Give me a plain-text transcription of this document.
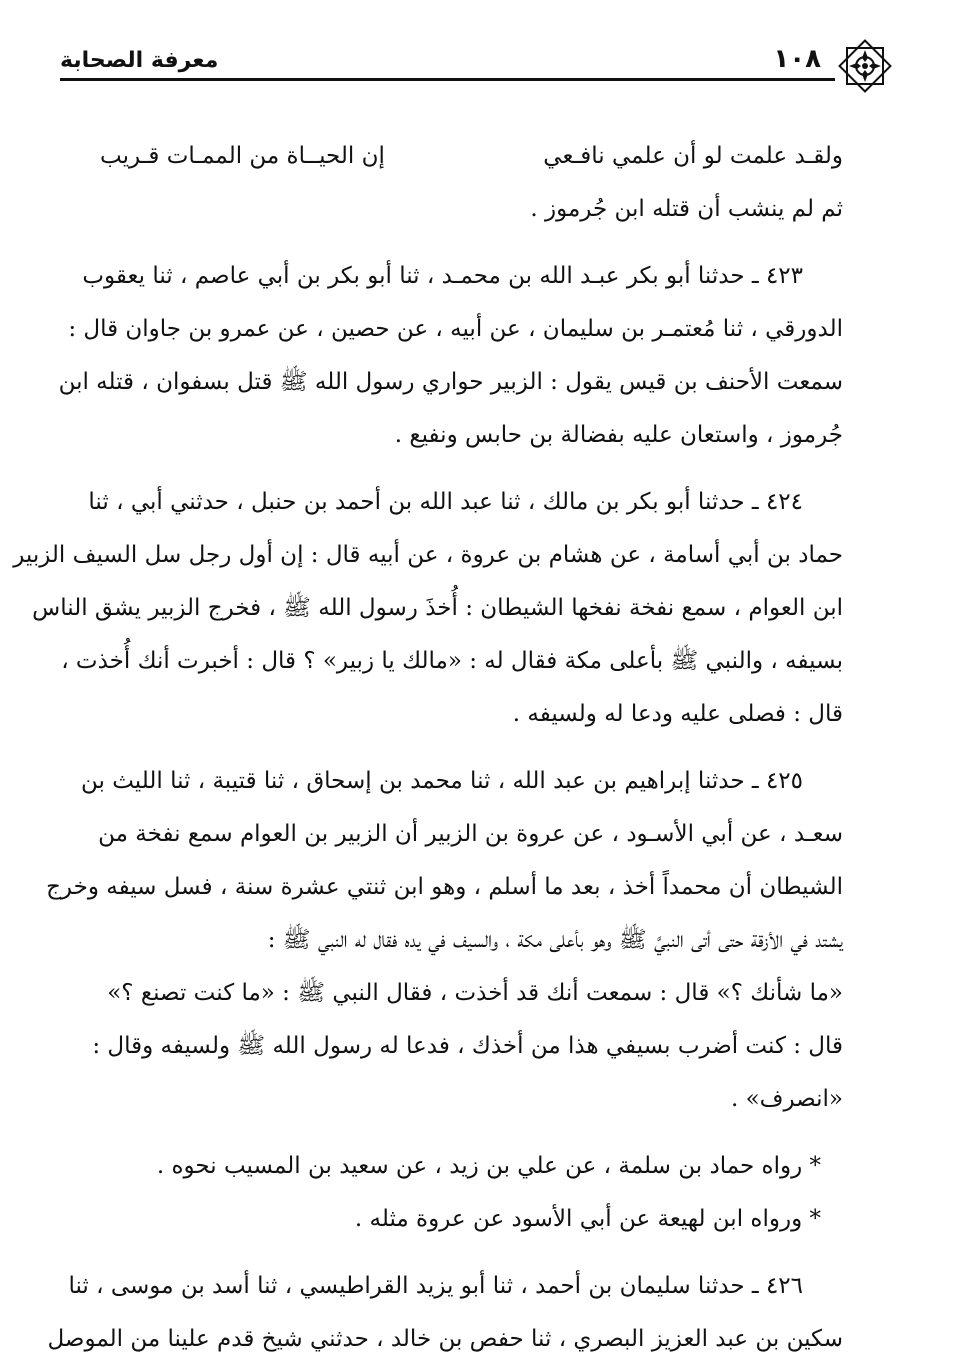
معرفة الصحابة	١٠٨
ولقـد علمت لو أن علمي نافـعي
إن الحيــاة من الممـات قـريب
ثم لم ينشب أن قتله ابن جُرموز .
٤٢٣ ـ حدثنا أبو بكر عبـد الله بن محمـد ، ثنا أبو بكر بن أبي عاصم ، ثنا يعقوب
الدورقي ، ثنا مُعتمـر بن سليمان ، عن أبيه ، عن حصين ، عن عمرو بن جاوان قال :
سمعت الأحنف بن قيس يقول : الزبير حواري رسول الله ﷺ قتل بسفوان ، قتله ابن
جُرموز ، واستعان عليه بفضالة بن حابس ونفيع .
٤٢٤ ـ حدثنا أبو بكر بن مالك ، ثنا عبد الله بن أحمد بن حنبل ، حدثني أبي ، ثنا
حماد بن أبي أسامة ، عن هشام بن عروة ، عن أبيه قال : إن أول رجل سل السيف الزبير
ابن العوام ، سمع نفخة نفخها الشيطان : أُخذَ رسول الله ﷺ ، فخرج الزبير يشق الناس
بسيفه ، والنبي ﷺ بأعلى مكة فقال له : «مالك يا زبير» ؟ قال : أخبرت أنك أُخذت ،
قال : فصلى عليه ودعا له ولسيفه .
٤٢٥ ـ حدثنا إبراهيم بن عبد الله ، ثنا محمد بن إسحاق ، ثنا قتيبة ، ثنا الليث بن
سعـد ، عن أبي الأسـود ، عن عروة بن الزبير أن الزبير بن العوام سمع نفخة من
الشيطان أن محمداً أخذ ، بعد ما أسلم ، وهو ابن ثنتي عشرة سنة ، فسل سيفه وخرج
يشتد في الأزقة حتى أتى النبيَّ ﷺ وهو بأعلى مكة ، والسيف في يده فقال له النبي ﷺ :
«ما شأنك ؟» قال : سمعت أنك قد أخذت ، فقال النبي ﷺ : «ما كنت تصنع ؟»
قال : كنت أضرب بسيفي هذا من أخذك ، فدعا له رسول الله ﷺ ولسيفه وقال :
«انصرف» .
* رواه حماد بن سلمة ، عن علي بن زيد ، عن سعيد بن المسيب نحوه .
* ورواه ابن لهيعة عن أبي الأسود عن عروة مثله .
٤٢٦ ـ حدثنا سليمان بن أحمد ، ثنا أبو يزيد القراطيسي ، ثنا أسد بن موسى ، ثنا
سكين بن عبد العزيز البصري ، ثنا حفص بن خالد ، حدثني شيخ قدم علينا من الموصل
